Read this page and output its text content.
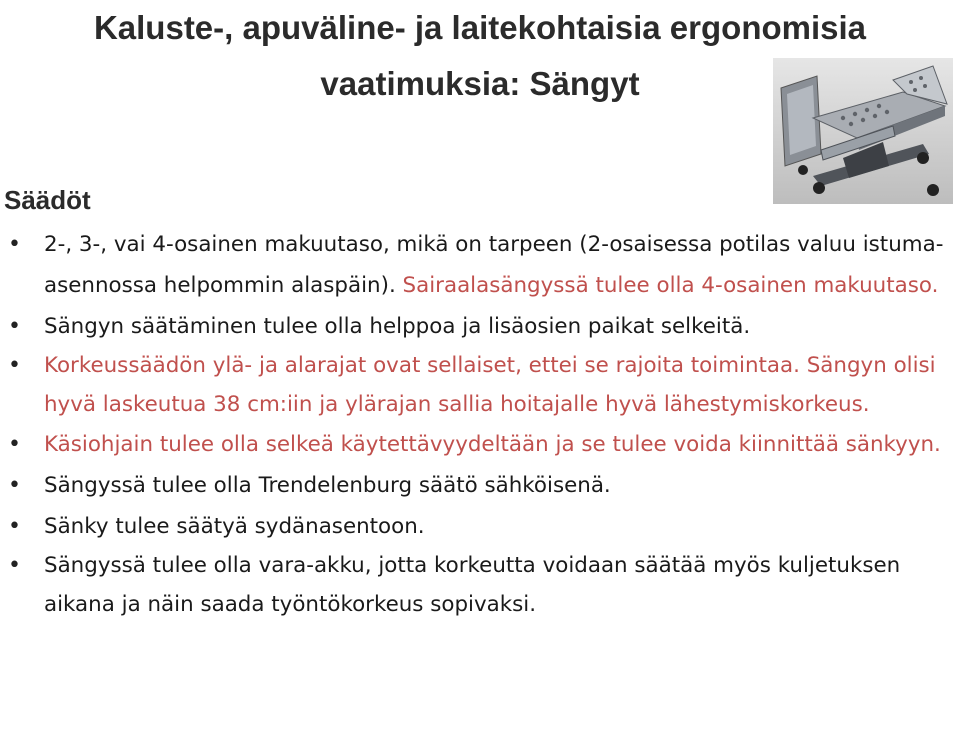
Kaluste-, apuväline- ja laitekohtaisia ergonomisia
vaatimuksia: Sängyt
Säädöt
• 2-, 3-, vai 4-osainen makuutaso, mikä on tarpeen (2-osaisessa potilas valuu istuma-asennossa helpommin alaspäin). Sairaalasängyssä tulee olla 4-osainen makuutaso.
• Sängyn säätäminen tulee olla helppoa ja lisäosien paikat selkeitä.
• Korkeussäädön ylä- ja alarajat ovat sellaiset, ettei se rajoita toimintaa. Sängyn olisi hyvä laskeutua 38 cm:iin ja ylärajan sallia hoitajalle hyvä lähestymiskorkeus.
• Käsiohjain tulee olla selkeä käytettävyydeltään ja se tulee voida kiinnittää sänkyyn.
• Sängyssä tulee olla Trendelenburg säätö sähköisenä.
• Sänky tulee säätyä sydänasentoon.
• Sängyssä tulee olla vara-akku, jotta korkeutta voidaan säätää myös kuljetuksen aikana ja näin saada työntökorkeus sopivaksi.
